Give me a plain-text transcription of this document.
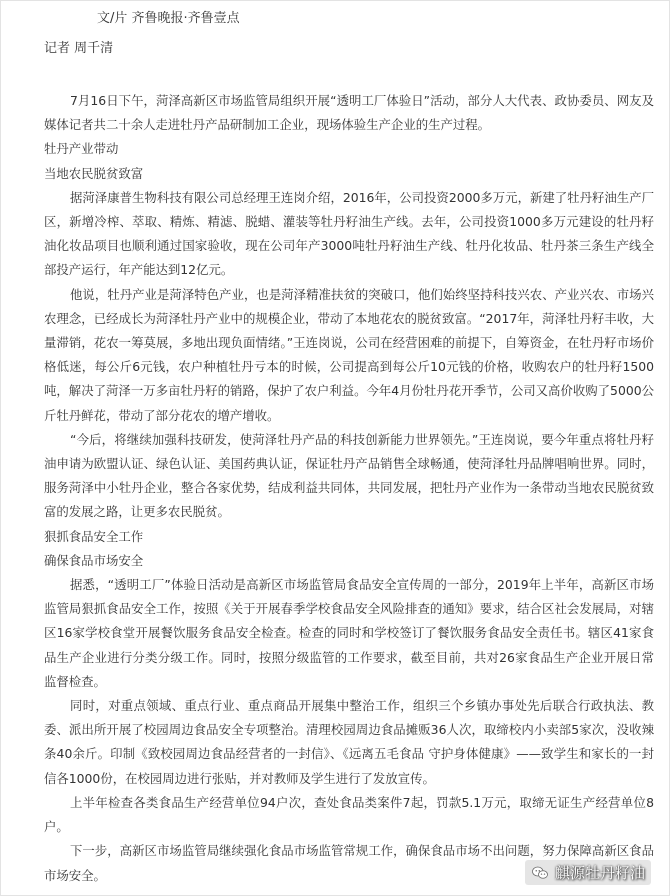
文/片 齐鲁晚报·齐鲁壹点
记者 周千清

7月16日下午，菏泽高新区市场监管局组织开展“透明工厂体验日”活动，部分人大代表、政协委员、网友及媒体记者共二十余人走进牡丹产品研制加工企业，现场体验生产企业的生产过程。

牡丹产业带动

当地农民脱贫致富

据菏泽康普生物科技有限公司总经理王连岗介绍，2016年，公司投资2000多万元，新建了牡丹籽油生产厂区，新增冷榨、萃取、精炼、精滤、脱蜡、灌装等牡丹籽油生产线。去年，公司投资1000多万元建设的牡丹籽油化妆品项目也顺利通过国家验收，现在公司年产3000吨牡丹籽油生产线、牡丹化妆品、牡丹茶三条生产线全部投产运行，年产能达到12亿元。

他说，牡丹产业是菏泽特色产业，也是菏泽精准扶贫的突破口，他们始终坚持科技兴农、产业兴农、市场兴农理念，已经成长为菏泽牡丹产业中的规模企业，带动了本地花农的脱贫致富。“2017年，菏泽牡丹籽丰收，大量滞销，花农一筹莫展，多地出现负面情绪。”王连岗说，公司在经营困难的前提下，自筹资金，在牡丹籽市场价格低迷，每公斤6元钱，农户种植牡丹亏本的时候，公司提高到每公斤10元钱的价格，收购农户的牡丹籽1500吨，解决了菏泽一万多亩牡丹籽的销路，保护了农户利益。今年4月份牡丹花开季节，公司又高价收购了5000公斤牡丹鲜花，带动了部分花农的增产增收。

“今后，将继续加强科技研发，使菏泽牡丹产品的科技创新能力世界领先。”王连岗说，要今年重点将牡丹籽油申请为欧盟认证、绿色认证、美国药典认证，保证牡丹产品销售全球畅通，使菏泽牡丹品牌唱响世界。同时，服务菏泽中小牡丹企业，整合各家优势，结成利益共同体，共同发展，把牡丹产业作为一条带动当地农民脱贫致富的发展之路，让更多农民脱贫。

狠抓食品安全工作

确保食品市场安全

据悉，“透明工厂”体验日活动是高新区市场监管局食品安全宣传周的一部分，2019年上半年，高新区市场监管局狠抓食品安全工作，按照《关于开展春季学校食品安全风险排查的通知》要求，结合区社会发展局，对辖区16家学校食堂开展餐饮服务食品安全检查。检查的同时和学校签订了餐饮服务食品安全责任书。辖区41家食品生产企业进行分类分级工作。同时，按照分级监管的工作要求，截至目前，共对26家食品生产企业开展日常监督检查。

同时，对重点领域、重点行业、重点商品开展集中整治工作，组织三个乡镇办事处先后联合行政执法、教委、派出所开展了校园周边食品安全专项整治。清理校园周边食品摊贩36人次，取缔校内小卖部5家次，没收辣条40余斤。印制《致校园周边食品经营者的一封信》、《远离五毛食品 守护身体健康》——致学生和家长的一封信各1000份，在校园周边进行张贴，并对教师及学生进行了发放宣传。

上半年检查各类食品生产经营单位94户次，查处食品类案件7起，罚款5.1万元，取缔无证生产经营单位8户。

下一步，高新区市场监管局继续强化食品市场监管常规工作，确保食品市场不出问题，努力保障高新区食品市场安全。	麒源牡丹籽油
